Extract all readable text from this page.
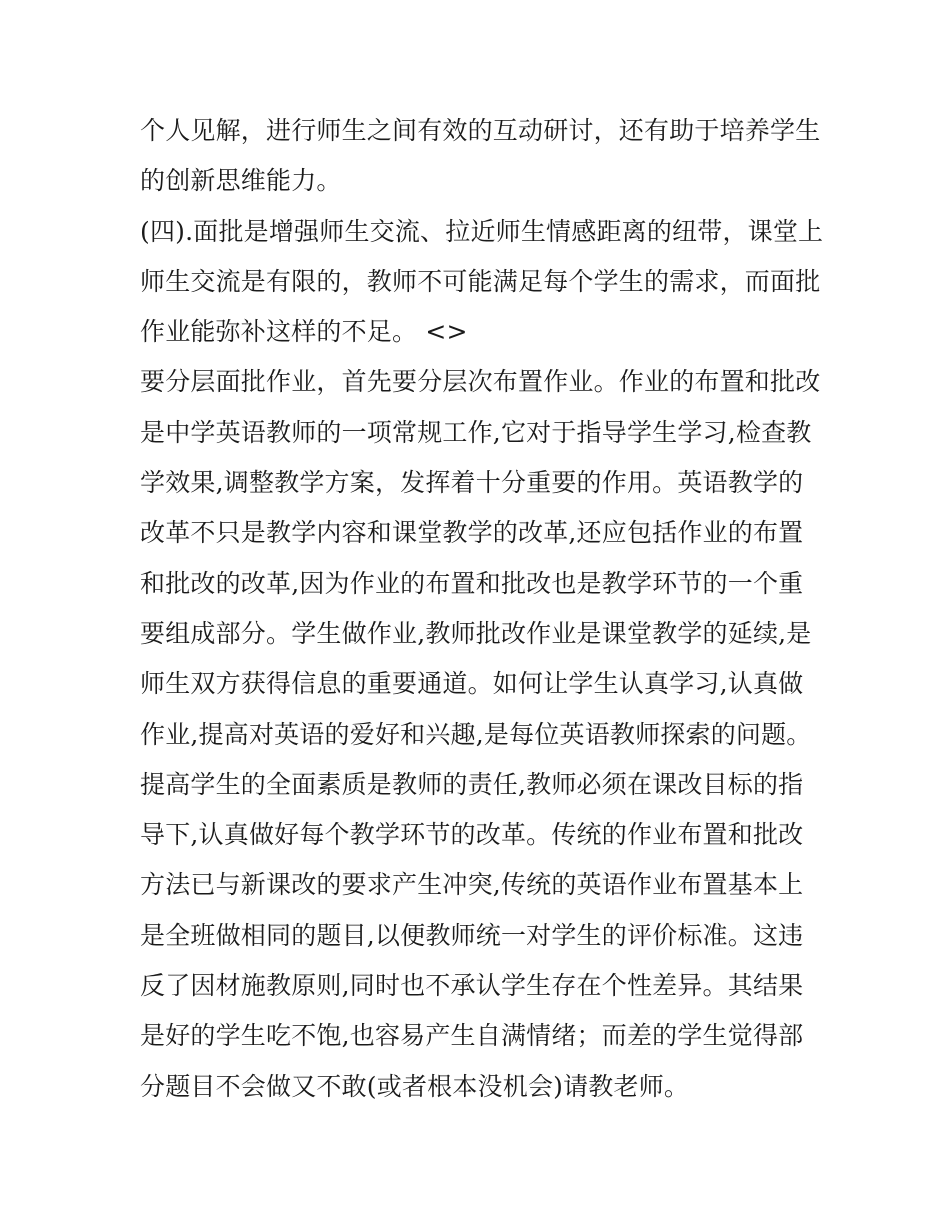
个人见解，进行师生之间有效的互动研讨，还有助于培养学生
的创新思维能力。
(四).面批是增强师生交流、拉近师生情感距离的纽带，课堂上
师生交流是有限的，教师不可能满足每个学生的需求，而面批
作业能弥补这样的不足。 <>
要分层面批作业，首先要分层次布置作业。作业的布置和批改
是中学英语教师的一项常规工作,它对于指导学生学习,检查教
学效果,调整教学方案，发挥着十分重要的作用。英语教学的
改革不只是教学内容和课堂教学的改革,还应包括作业的布置
和批改的改革,因为作业的布置和批改也是教学环节的一个重
要组成部分。学生做作业,教师批改作业是课堂教学的延续,是
师生双方获得信息的重要通道。如何让学生认真学习,认真做
作业,提高对英语的爱好和兴趣,是每位英语教师探索的问题。
提高学生的全面素质是教师的责任,教师必须在课改目标的指
导下,认真做好每个教学环节的改革。传统的作业布置和批改
方法已与新课改的要求产生冲突,传统的英语作业布置基本上
是全班做相同的题目,以便教师统一对学生的评价标准。这违
反了因材施教原则,同时也不承认学生存在个性差异。其结果
是好的学生吃不饱,也容易产生自满情绪；而差的学生觉得部
分题目不会做又不敢(或者根本没机会)请教老师。
